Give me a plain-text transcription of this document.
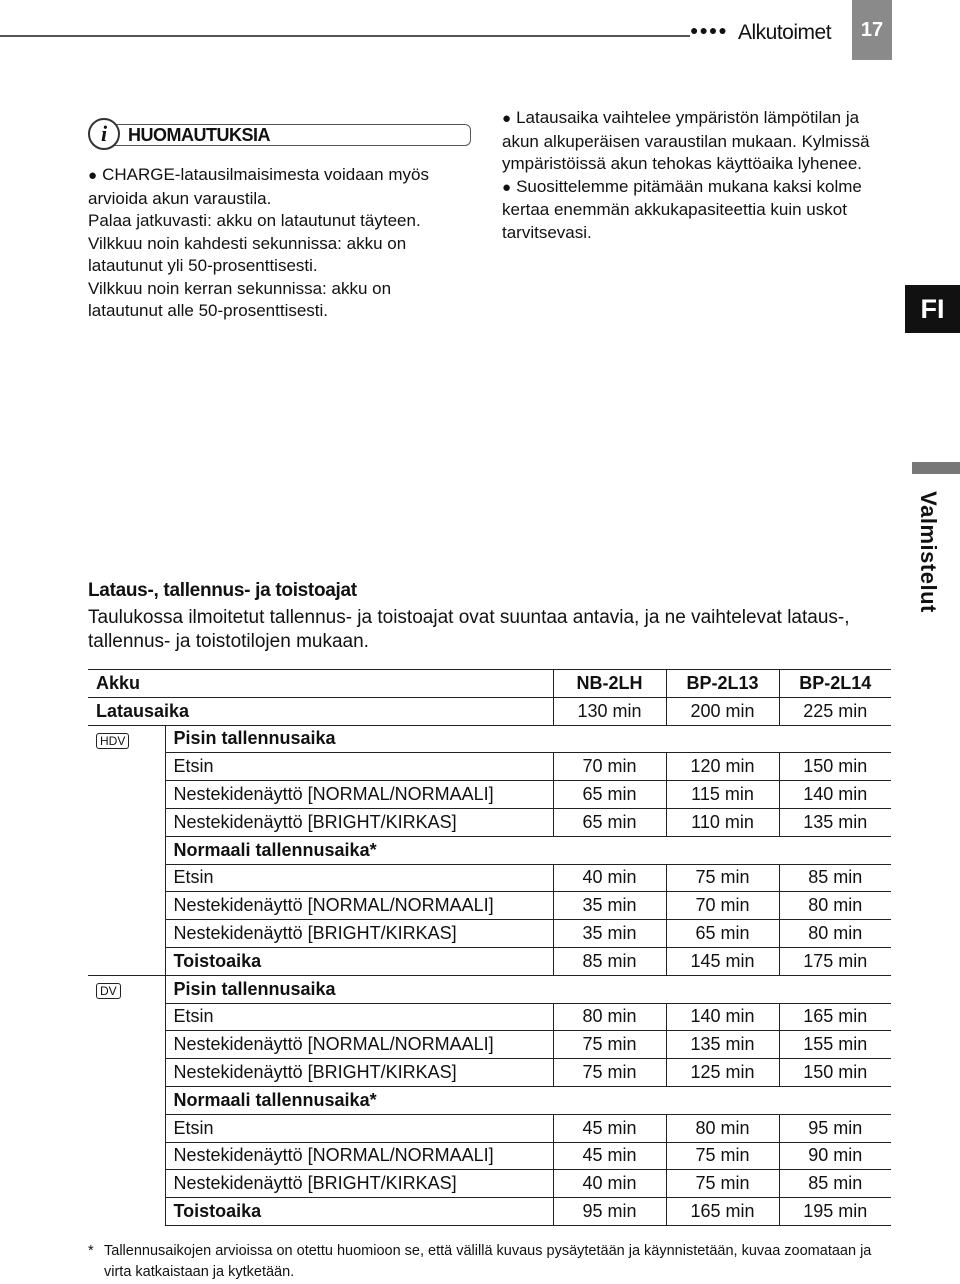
●●●● Alkutoimet	17
FI
Valmistelut
i	HUOMAUTUKSIA

● CHARGE-latausilmaisimesta voidaan myös arvioida akun varaustila.

Palaa jatkuvasti: akku on latautunut täyteen.

Vilkkuu noin kahdesti sekunnissa: akku on latautunut yli 50-prosenttisesti.

Vilkkuu noin kerran sekunnissa: akku on latautunut alle 50-prosenttisesti.

● Latausaika vaihtelee ympäristön lämpötilan ja akun alkuperäisen varaustilan mukaan. Kylmissä ympäristöissä akun tehokas käyttöaika lyhenee.

● Suosittelemme pitämään mukana kaksi kolme kertaa enemmän akkukapasiteettia kuin uskot tarvitsevasi.

Lataus-, tallennus- ja toistoajat
Taulukossa ilmoitetut tallennus- ja toistoajat ovat suuntaa antavia, ja ne vaihtelevat lataus-, tallennus- ja toistotilojen mukaan.
Akku		NB-2LH	BP-2L13	BP-2L14
Latausaika		130 min	200 min	225 min
HDV	Pisin tallennusaika			
	Etsin	70 min	120 min	150 min
	Nestekidenäyttö [NORMAL/NORMAALI]	65 min	115 min	140 min
	Nestekidenäyttö [BRIGHT/KIRKAS]	65 min	110 min	135 min
	Normaali tallennusaika*			
	Etsin	40 min	75 min	85 min
	Nestekidenäyttö [NORMAL/NORMAALI]	35 min	70 min	80 min
	Nestekidenäyttö [BRIGHT/KIRKAS]	35 min	65 min	80 min
	Toistoaika	85 min	145 min	175 min
DV	Pisin tallennusaika			
	Etsin	80 min	140 min	165 min
	Nestekidenäyttö [NORMAL/NORMAALI]	75 min	135 min	155 min
	Nestekidenäyttö [BRIGHT/KIRKAS]	75 min	125 min	150 min
	Normaali tallennusaika*			
	Etsin	45 min	80 min	95 min
	Nestekidenäyttö [NORMAL/NORMAALI]	45 min	75 min	90 min
	Nestekidenäyttö [BRIGHT/KIRKAS]	40 min	75 min	85 min
	Toistoaika	95 min	165 min	195 min
* Tallennusaikojen arvioissa on otettu huomioon se, että välillä kuvaus pysäytetään ja käynnistetään, kuvaa zoomataan ja virta katkaistaan ja kytketään.
